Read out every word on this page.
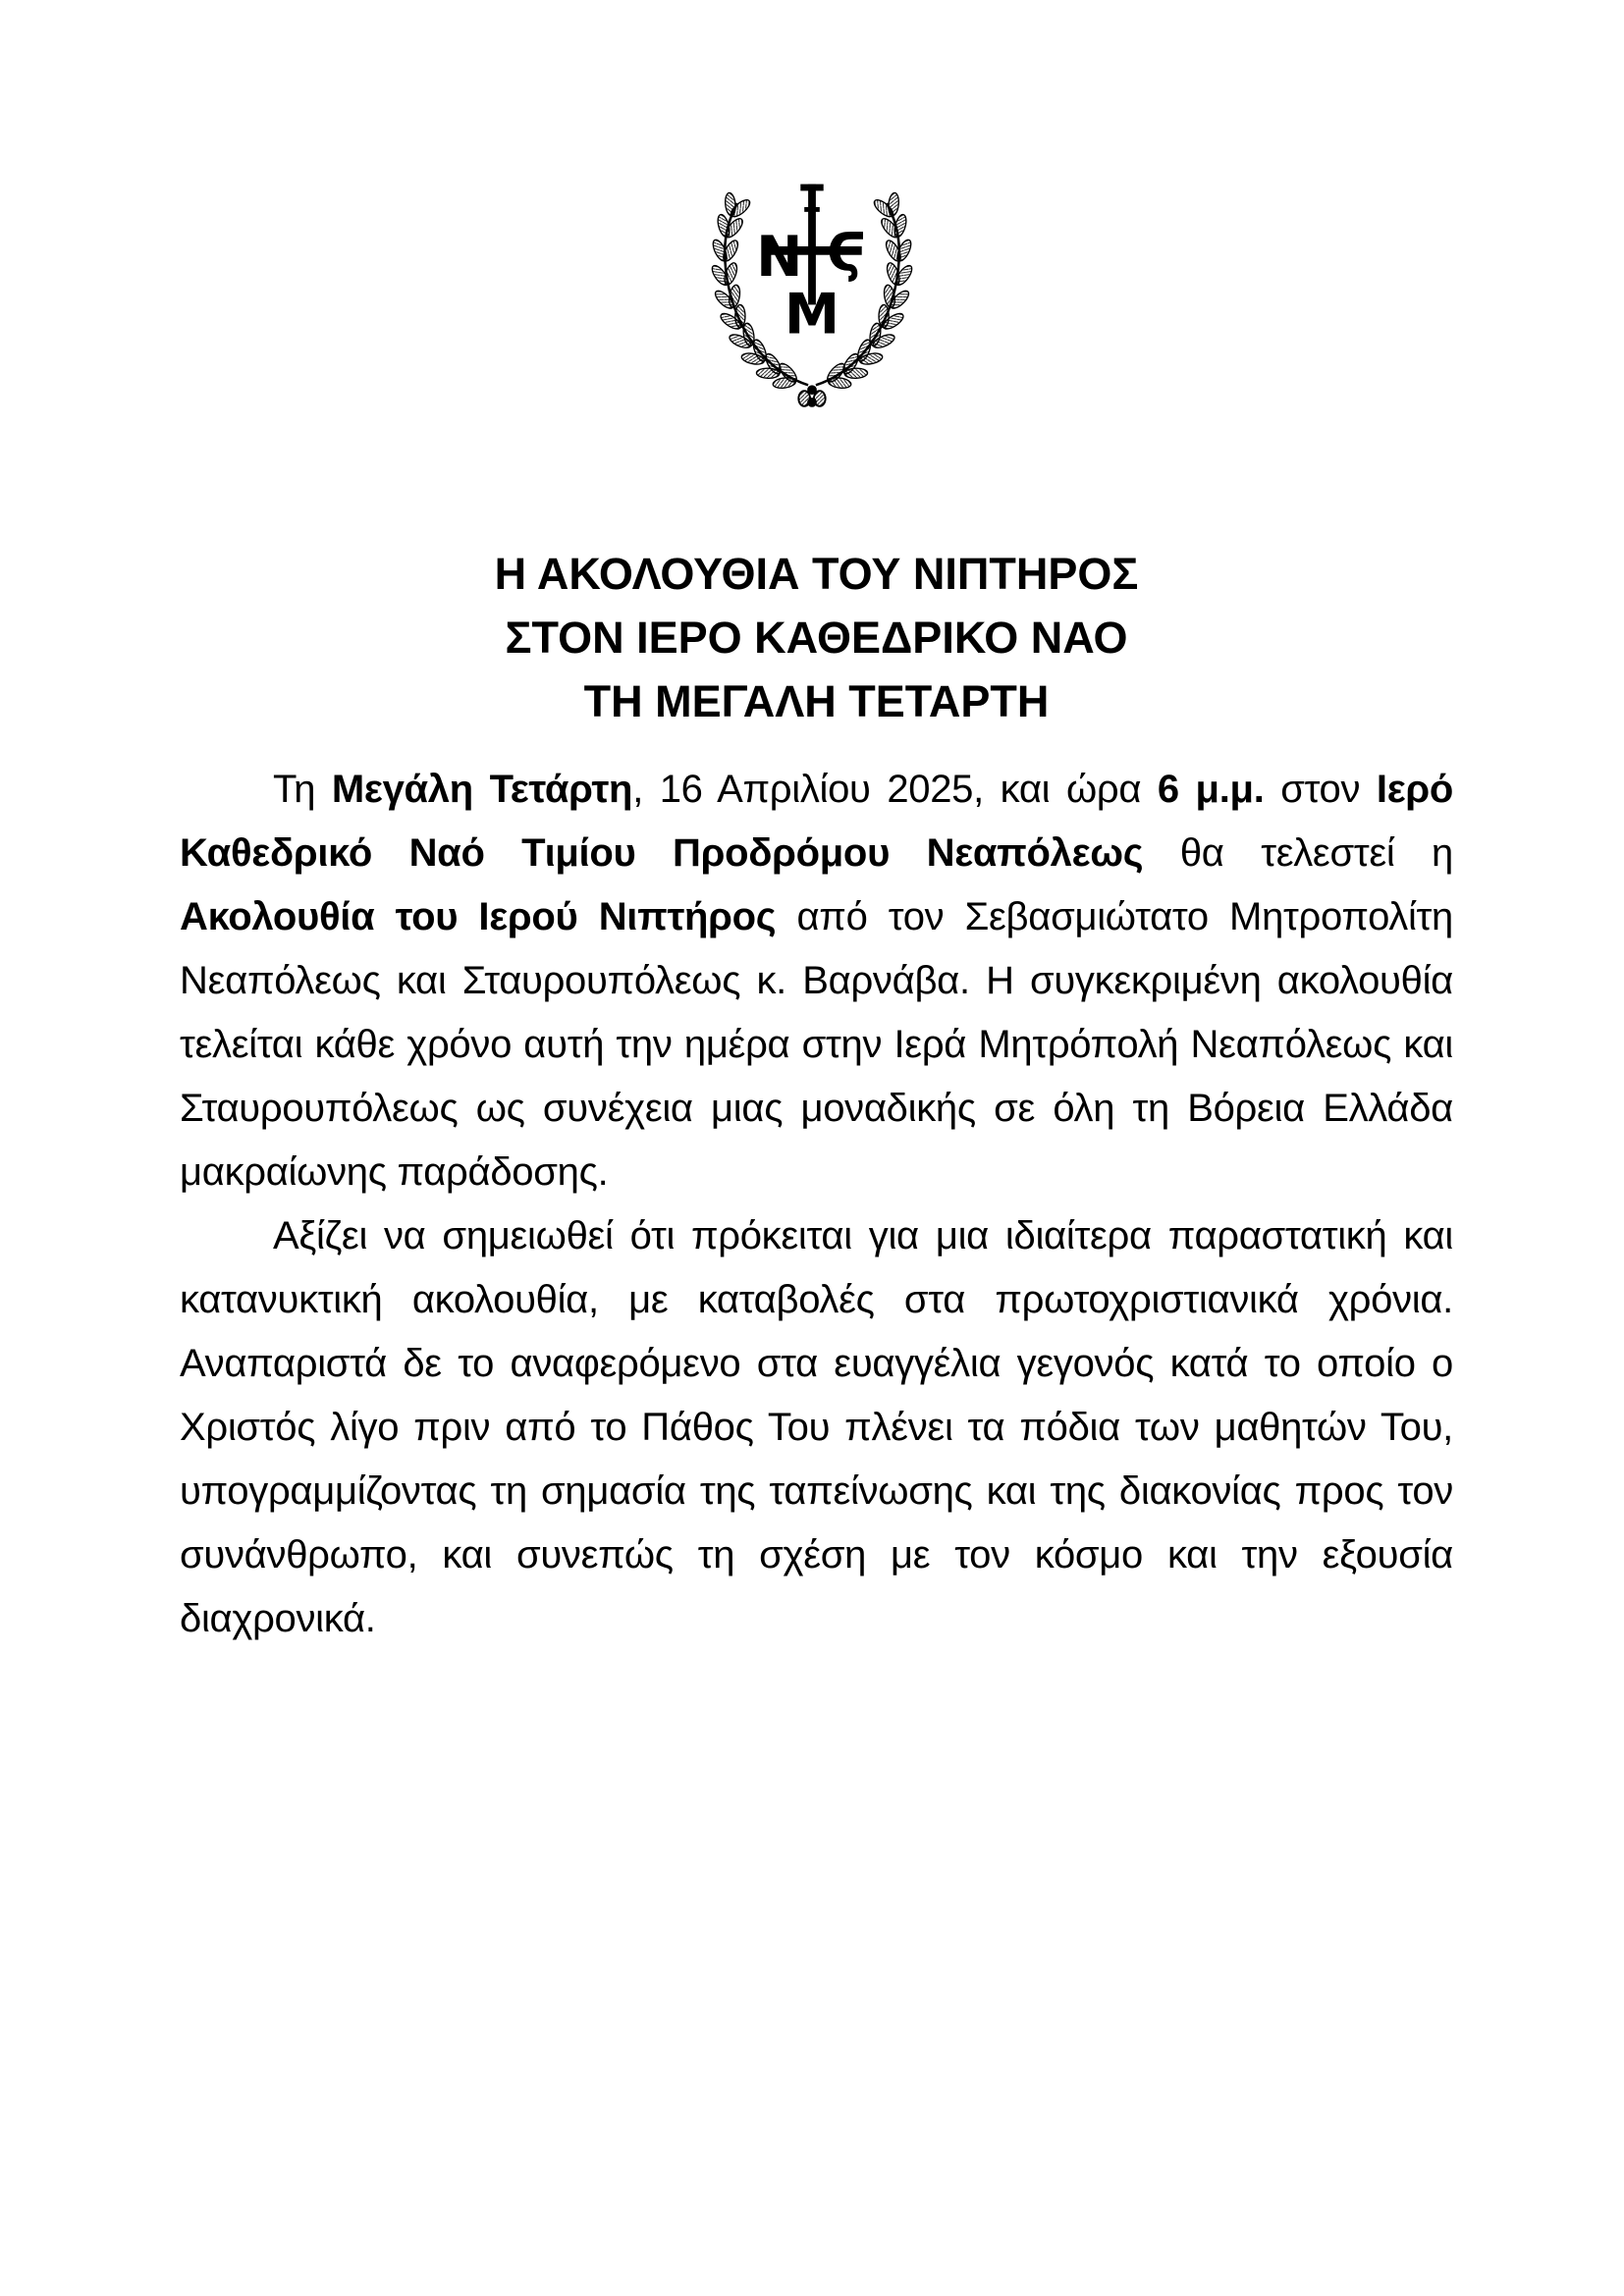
Ν Ϛ
Μ
Η ΑΚΟΛΟΥΘΙΑ ΤΟΥ ΝΙΠΤΗΡΟΣ
ΣΤΟΝ ΙΕΡΟ ΚΑΘΕΔΡΙΚΟ ΝΑΟ
ΤΗ ΜΕΓΑΛΗ ΤΕΤΑΡΤΗ

Τη Μεγάλη Τετάρτη, 16 Απριλίου 2025, και ώρα 6 μ.μ. στον Ιερό Καθεδρικό Ναό Τιμίου Προδρόμου Νεαπόλεως θα τελεστεί η Ακολουθία του Ιερού Νιπτήρος από τον Σεβασμιώτατο Μητροπολίτη Νεαπόλεως και Σταυρουπόλεως κ. Βαρνάβα. Η συγκεκριμένη ακολουθία τελείται κάθε χρόνο αυτή την ημέρα στην Ιερά Μητρόπολή Νεαπόλεως και Σταυρουπόλεως ως συνέχεια μιας μοναδικής σε όλη τη Βόρεια Ελλάδα μακραίωνης παράδοσης.

Αξίζει να σημειωθεί ότι πρόκειται για μια ιδιαίτερα παραστατική και κατανυκτική ακολουθία, με καταβολές στα πρωτοχριστιανικά χρόνια. Αναπαριστά δε το αναφερόμενο στα ευαγγέλια γεγονός κατά το οποίο ο Χριστός λίγο πριν από το Πάθος Του πλένει τα πόδια των μαθητών Του, υπογραμμίζοντας τη σημασία της ταπείνωσης και της διακονίας προς τον συνάνθρωπο, και συνεπώς τη σχέση με τον κόσμο και την εξουσία διαχρονικά.
